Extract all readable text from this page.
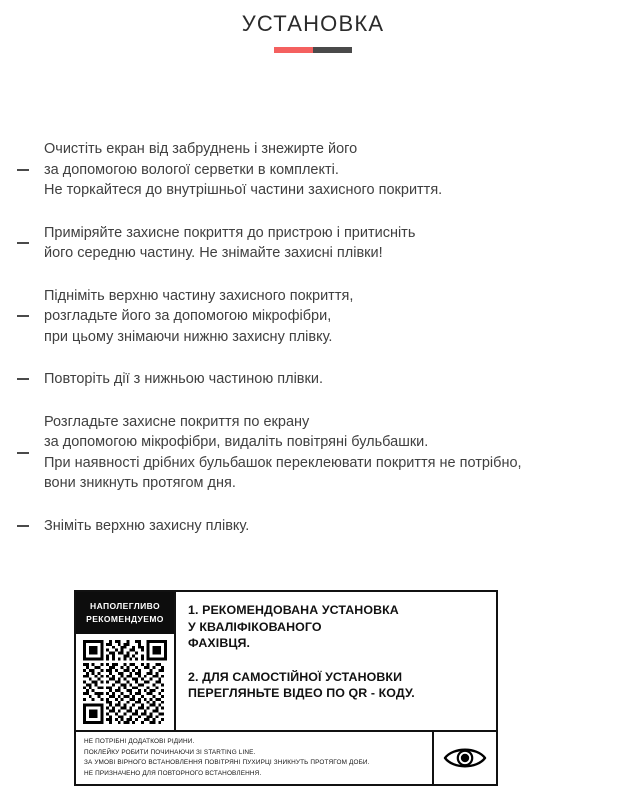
УСТАНОВКА
Очистіть екран від забруднень і знежирте його
за допомогою вологої серветки в комплекті.
Не торкайтеся до внутрішньої частини захисного покриття.
Приміряйте захисне покриття до пристрою і притисніть
його середню частину. Не знімайте захисні плівки!
Підніміть верхню частину захисного покриття,
розгладьте його за допомогою мікрофібри,
при цьому знімаючи нижню захисну плівку.
Повторіть дії з нижньою частиною плівки.
Розгладьте захисне покриття по екрану
за допомогою мікрофібри, видаліть повітряні бульбашки.
При наявності дрібних бульбашок переклеювати покриття не потрібно,
вони зникнуть протягом дня.
Зніміть верхню захисну плівку.
НАПОЛЕГЛИВО
РЕКОМЕНДУЕМО
1. РЕКОМЕНДОВАНА УСТАНОВКА
У КВАЛІФІКОВАНОГО
ФАХІВЦЯ.
2. ДЛЯ САМОСТІЙНОЇ УСТАНОВКИ
ПЕРЕГЛЯНЬТЕ ВІДЕО ПО QR - КОДУ.
НЕ ПОТРІБНІ ДОДАТКОВІ РІДИНИ.
ПОКЛЕЙКУ РОБИТИ ПОЧИНАЮЧИ ЗІ STARTING LINE.
ЗА УМОВІ ВІРНОГО ВСТАНОВЛЕННЯ ПОВІТРЯНІ ПУХИРЦІ ЗНИКНУТЬ ПРОТЯГОМ ДОБИ.
НЕ ПРИЗНАЧЕНО ДЛЯ ПОВТОРНОГО ВСТАНОВЛЕННЯ.
